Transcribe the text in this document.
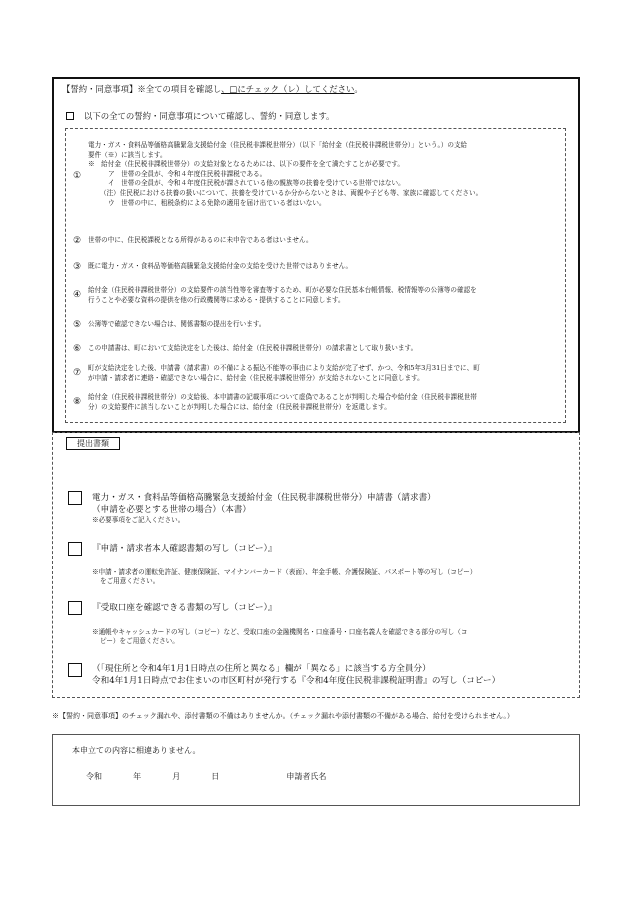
【誓約・同意事項】※全ての項目を確認し、□にチェック（レ）してください。
以下の全ての誓約・同意事項について確認し、誓約・同意します。
①
電力・ガス・食料品等価格高騰緊急支援給付金（住民税非課税世帯分）（以下「給付金（住民税非課税世帯分）」という。）の支給
要件（※）に該当します。
※　給付金（住民税非課税世帯分）の支給対象となるためには、以下の要件を全て満たすことが必要です。
ア　世帯の全員が、令和４年度住民税非課税である。
イ　世帯の全員が、令和４年度住民税が課されている他の親族等の扶養を受けている世帯ではない。
（注）住民税における扶養の扱いについて、扶養を受けているか分からないときは、両親や子ども等、家族に確認してください。
ウ　世帯の中に、租税条約による免除の適用を届け出ている者はいない。
②	世帯の中に、住民税課税となる所得があるのに未申告である者はいません。
③	既に電力・ガス・食料品等価格高騰緊急支援給付金の支給を受けた世帯ではありません。
④	給付金（住民税非課税世帯分）の支給要件の該当性等を審査等するため、町が必要な住民基本台帳情報、税情報等の公簿等の確認を
行うことや必要な資料の提供を他の行政機関等に求める・提供することに同意します。
⑤	公簿等で確認できない場合は、関係書類の提出を行います。
⑥	この申請書は、町において支給決定をした後は、給付金（住民税非課税世帯分）の請求書として取り扱います。
⑦	町が支給決定をした後、申請書（請求書）の不備による振込不能等の事由により支給が完了せず、かつ、令和5年3月31日までに、町
が申請・請求者に連絡・確認できない場合に、給付金（住民税非課税世帯分）が支給されないことに同意します。
⑧	給付金（住民税非課税世帯分）の支給後、本申請書の記載事項について虚偽であることが判明した場合や給付金（住民税非課税世帯
分）の支給要件に該当しないことが判明した場合には、給付金（住民税非課税世帯分）を返還します。
提出書類
電力・ガス・食料品等価格高騰緊急支援給付金（住民税非課税世帯分）申請書（請求書）
（申請を必要とする世帯の場合）（本書）
※必要事項をご記入ください。
『申請・請求者本人確認書類の写し（コピー）』
※申請・請求者の運転免許証、健康保険証、マイナンバーカード（表面）、年金手帳、介護保険証、パスポート等の写し（コピー）
をご用意ください。
『受取口座を確認できる書類の写し（コピー）』
※通帳やキャッシュカードの写し（コピー）など、受取口座の金融機関名・口座番号・口座名義人を確認できる部分の写し（コ
ピー）をご用意ください。
（「現住所と令和4年1月1日時点の住所と異なる」欄が「異なる」に該当する方全員分）
令和4年1月1日時点でお住まいの市区町村が発行する『令和4年度住民税非課税証明書』の写し（コピー）
※【誓約・同意事項】のチェック漏れや、添付書類の不備はありませんか。（チェック漏れや添付書類の不備がある場合、給付を受けられません。）
本申立ての内容に相違ありません。
令和	年	月	日	申請者氏名
